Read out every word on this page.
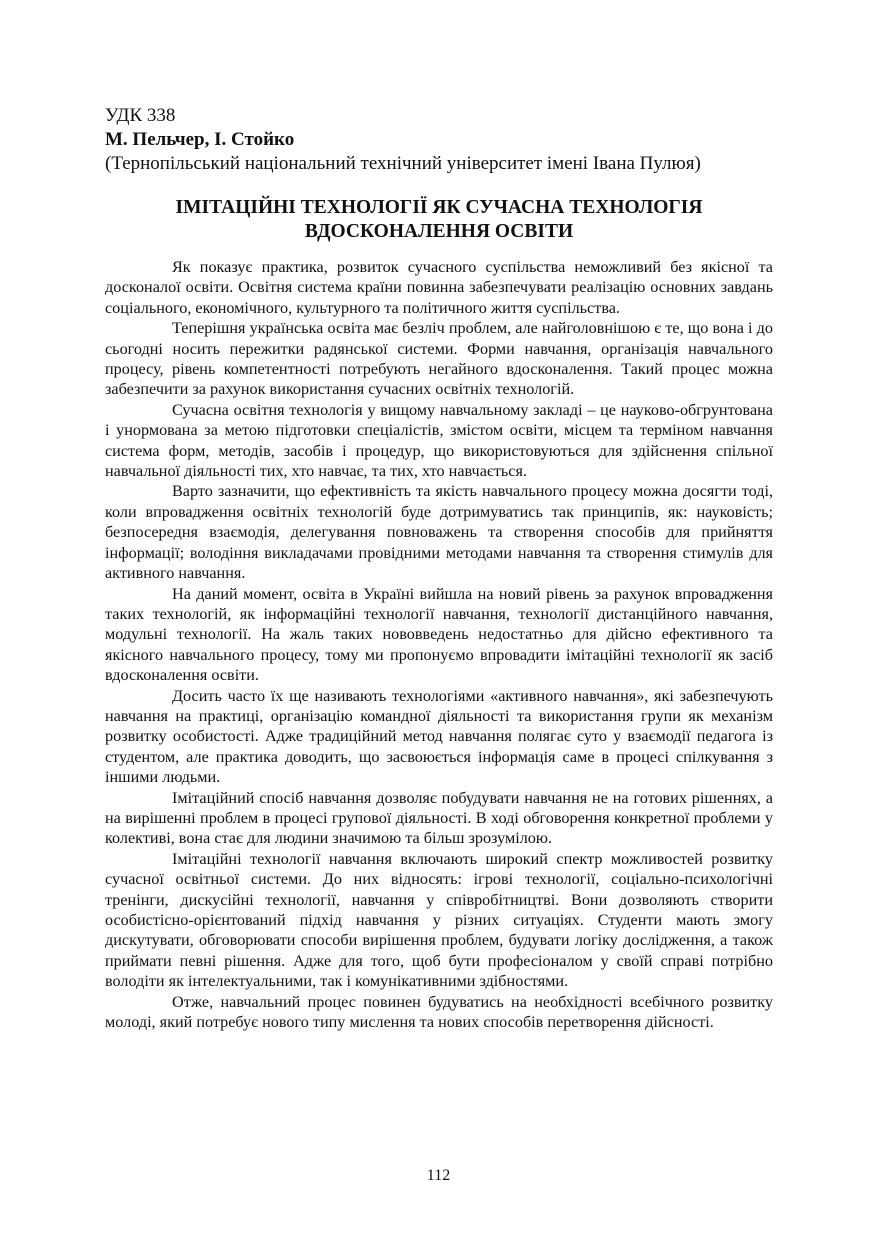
УДК 338
М. Пельчер, І. Стойко
(Тернопільський національний технічний університет імені Івана Пулюя)
ІМІТАЦІЙНІ ТЕХНОЛОГІЇ ЯК СУЧАСНА ТЕХНОЛОГІЯ
ВДОСКОНАЛЕННЯ ОСВІТИ

Як показує практика, розвиток сучасного суспільства неможливий без якісної та досконалої освіти. Освітня система країни повинна забезпечувати реалізацію основних завдань соціального, економічного, культурного та політичного життя суспільства.

Теперішня українська освіта має безліч проблем, але найголовнішою є те, що вона і до сьогодні носить пережитки радянської системи. Форми навчання, організація навчального процесу, рівень компетентності потребують негайного вдосконалення. Такий процес можна забезпечити за рахунок використання сучасних освітніх технологій.

Сучасна освітня технологія у вищому навчальному закладі – це науково-обгрунтована і унормована за метою підготовки спеціалістів, змістом освіти, місцем та терміном навчання система форм, методів, засобів і процедур, що використовуються для здійснення спільної навчальної діяльності тих, хто навчає, та тих, хто навчається.

Варто зазначити, що ефективність та якість навчального процесу можна досягти тоді, коли впровадження освітніх технологій буде дотримуватись так принципів, як: науковість; безпосередня взаємодія, делегування повноважень та створення способів для прийняття інформації; володіння викладачами провідними методами навчання та створення стимулів для активного навчання.

На даний момент, освіта в Україні вийшла на новий рівень за рахунок впровадження таких технологій, як інформаційні технології навчання, технології дистанційного навчання, модульні технології. На жаль таких нововведень недостатньо для дійсно ефективного та якісного навчального процесу, тому ми пропонуємо впровадити імітаційні технології як засіб вдосконалення освіти.

Досить часто їх ще називають технологіями «активного навчання», які забезпечують навчання на практиці, організацію командної діяльності та використання групи як механізм розвитку особистості. Адже традиційний метод навчання полягає суто у взаємодії педагога із студентом, але практика доводить, що засвоюється інформація саме в процесі спілкування з іншими людьми.

Імітаційний спосіб навчання дозволяє побудувати навчання не на готових рішеннях, а на вирішенні проблем в процесі групової діяльності. В ході обговорення конкретної проблеми у колективі, вона стає для людини значимою та більш зрозумілою.

Імітаційні технології навчання включають широкий спектр можливостей розвитку сучасної освітньої системи. До них відносять: ігрові технології, соціально-психологічні тренінги, дискусійні технології, навчання у співробітництві. Вони дозволяють створити особистісно-орієнтований підхід навчання у різних ситуаціях. Студенти мають змогу дискутувати, обговорювати способи вирішення проблем, будувати логіку дослідження, а також приймати певні рішення. Адже для того, щоб бути професіоналом у своїй справі потрібно володіти як інтелектуальними, так і комунікативними здібностями.

Отже, навчальний процес повинен будуватись на необхідності всебічного розвитку молоді, який потребує нового типу мислення та нових способів перетворення дійсності.

112
